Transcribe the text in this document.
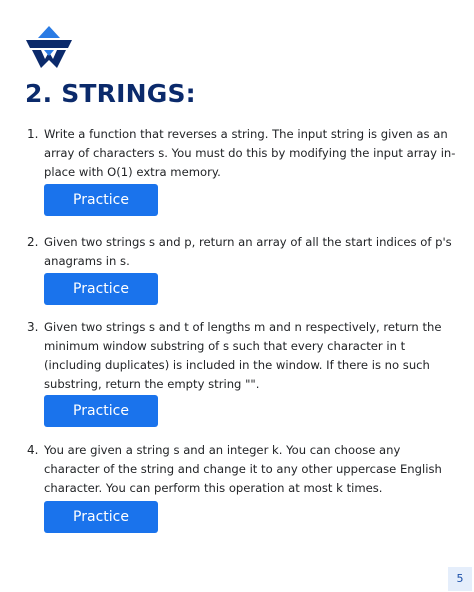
2. STRINGS:
1. Write a function that reverses a string. The input string is given as an array of characters s. You must do this by modifying the input array in-place with O(1) extra memory.

Practice
2. Given two strings s and p, return an array of all the start indices of p's anagrams in s.

Practice
3. Given two strings s and t of lengths m and n respectively, return the minimum window substring of s such that every character in t (including duplicates) is included in the window. If there is no such substring, return the empty string "".

Practice
4. You are given a string s and an integer k. You can choose any character of the string and change it to any other uppercase English character. You can perform this operation at most k times.

Practice
5
